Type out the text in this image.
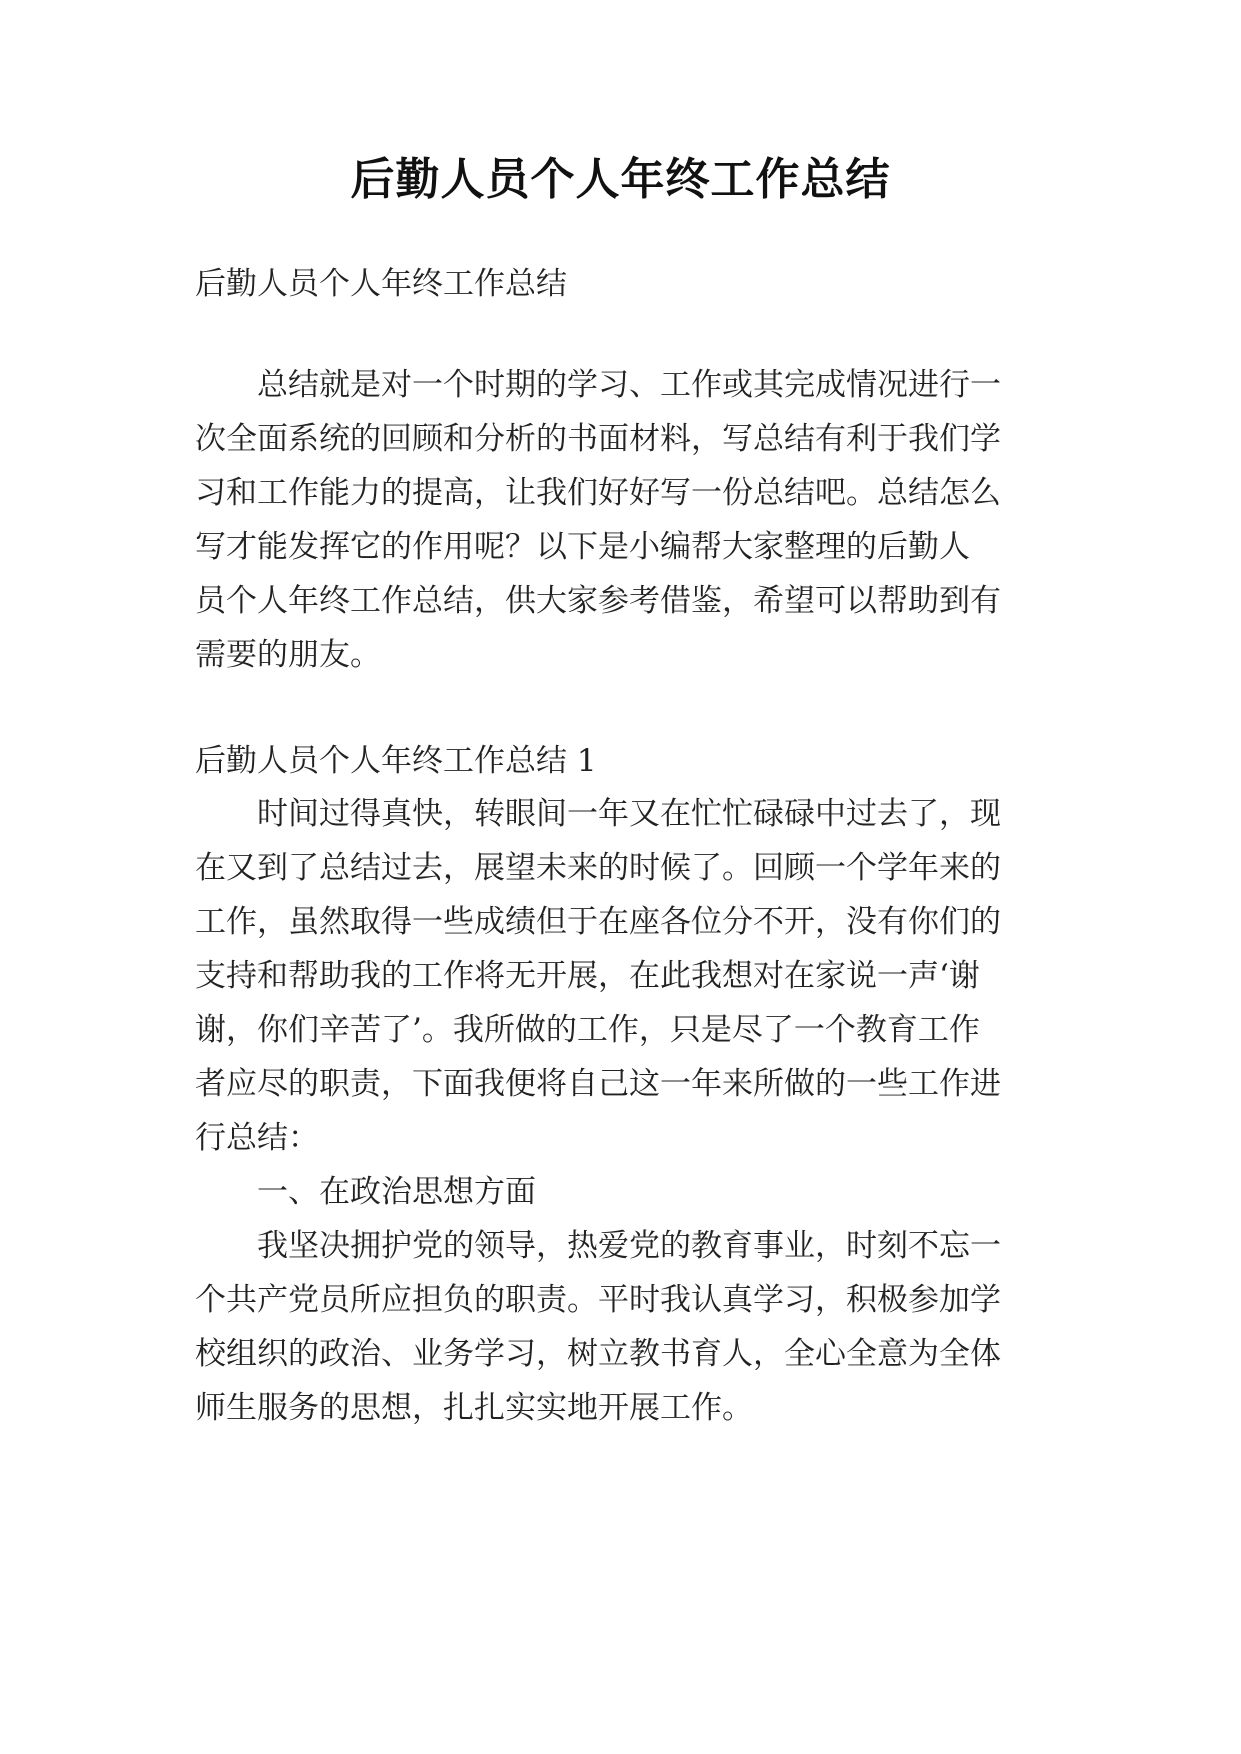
后勤人员个人年终工作总结

后勤人员个人年终工作总结

总结就是对一个时期的学习、工作或其完成情况进行一

次全面系统的回顾和分析的书面材料，写总结有利于我们学

习和工作能力的提高，让我们好好写一份总结吧。总结怎么

写才能发挥它的作用呢？以下是小编帮大家整理的后勤人

员个人年终工作总结，供大家参考借鉴，希望可以帮助到有

需要的朋友。

后勤人员个人年终工作总结 1

时间过得真快，转眼间一年又在忙忙碌碌中过去了，现

在又到了总结过去，展望未来的时候了。回顾一个学年来的

工作，虽然取得一些成绩但于在座各位分不开，没有你们的

支持和帮助我的工作将无开展，在此我想对在家说一声‘谢

谢，你们辛苦了’。我所做的工作，只是尽了一个教育工作

者应尽的职责，下面我便将自己这一年来所做的一些工作进

行总结：

一、在政治思想方面

我坚决拥护党的领导，热爱党的教育事业，时刻不忘一

个共产党员所应担负的职责。平时我认真学习，积极参加学

校组织的政治、业务学习，树立教书育人，全心全意为全体

师生服务的思想，扎扎实实地开展工作。
